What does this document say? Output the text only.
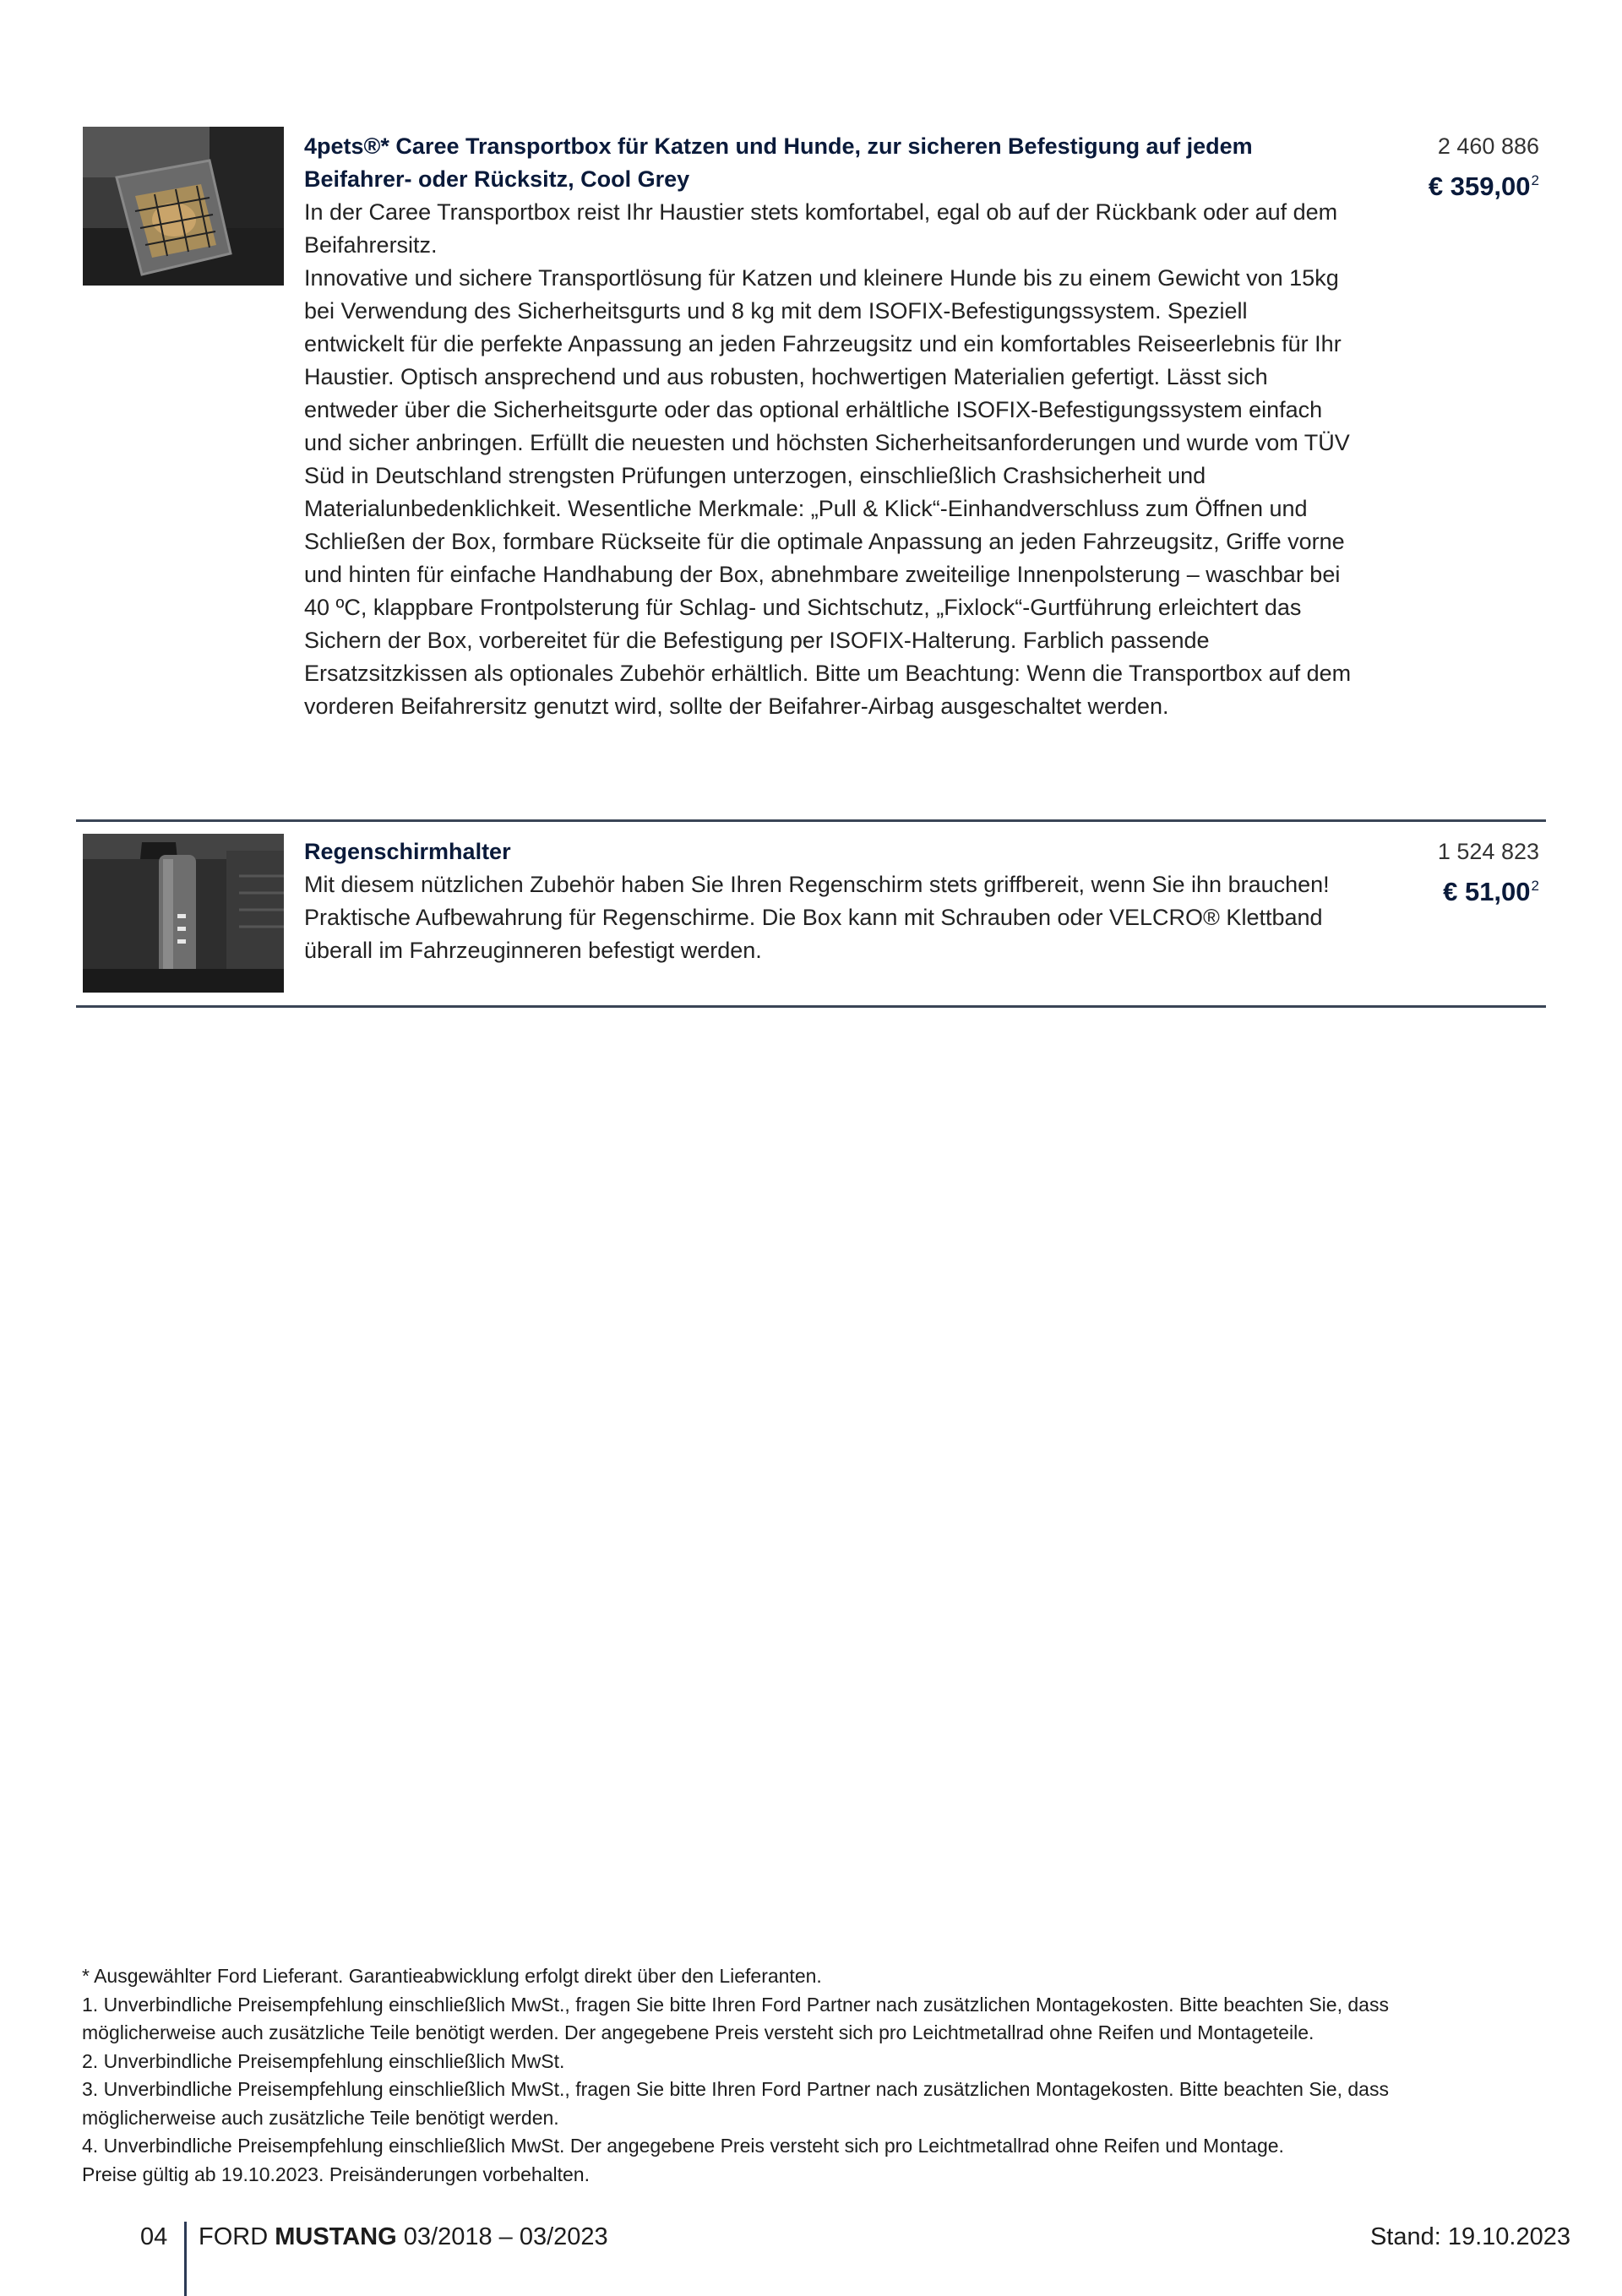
4pets®* Caree Transportbox für Katzen und Hunde, zur sicheren Befestigung auf jedem Beifahrer- oder Rücksitz, Cool Grey

In der Caree Transportbox reist Ihr Haustier stets komfortabel, egal ob auf der Rückbank oder auf dem Beifahrersitz.

Innovative und sichere Transportlösung für Katzen und kleinere Hunde bis zu einem Gewicht von 15kg bei Verwendung des Sicherheitsgurts und 8 kg mit dem ISOFIX-Befestigungssystem. Speziell entwickelt für die perfekte Anpassung an jeden Fahrzeugsitz und ein komfortables Reiseerlebnis für Ihr Haustier. Optisch ansprechend und aus robusten, hochwertigen Materialien gefertigt. Lässt sich entweder über die Sicherheitsgurte oder das optional erhältliche ISOFIX-Befestigungssystem einfach und sicher anbringen. Erfüllt die neuesten und höchsten Sicherheitsanforderungen und wurde vom TÜV Süd in Deutschland strengsten Prüfungen unterzogen, einschließlich Crashsicherheit und Materialunbedenklichkeit. Wesentliche Merkmale: „Pull & Klick“-Einhandverschluss zum Öffnen und Schließen der Box, formbare Rückseite für die optimale Anpassung an jeden Fahrzeugsitz, Griffe vorne und hinten für einfache Handhabung der Box, abnehmbare zweiteilige Innenpolsterung – waschbar bei 40 ºC, klappbare Frontpolsterung für Schlag- und Sichtschutz, „Fixlock“-Gurtführung erleichtert das Sichern der Box, vorbereitet für die Befestigung per ISOFIX-Halterung. Farblich passende Ersatzsitzkissen als optionales Zubehör erhältlich. Bitte um Beachtung: Wenn die Transportbox auf dem vorderen Beifahrersitz genutzt wird, sollte der Beifahrer-Airbag ausgeschaltet werden.

2 460 886
€ 359,00$^2$
Regenschirmhalter

Mit diesem nützlichen Zubehör haben Sie Ihren Regenschirm stets griffbereit, wenn Sie ihn brauchen!

Praktische Aufbewahrung für Regenschirme. Die Box kann mit Schrauben oder VELCRO® Klettband überall im Fahrzeuginneren befestigt werden.

1 524 823
€ 51,00$^2$

* Ausgewählter Ford Lieferant. Garantieabwicklung erfolgt direkt über den Lieferanten.

1. Unverbindliche Preisempfehlung einschließlich MwSt., fragen Sie bitte Ihren Ford Partner nach zusätzlichen Montagekosten. Bitte beachten Sie, dass möglicherweise auch zusätzliche Teile benötigt werden. Der angegebene Preis versteht sich pro Leichtmetallrad ohne Reifen und Montageteile.

2. Unverbindliche Preisempfehlung einschließlich MwSt.

3. Unverbindliche Preisempfehlung einschließlich MwSt., fragen Sie bitte Ihren Ford Partner nach zusätzlichen Montagekosten. Bitte beachten Sie, dass möglicherweise auch zusätzliche Teile benötigt werden.

4. Unverbindliche Preisempfehlung einschließlich MwSt. Der angegebene Preis versteht sich pro Leichtmetallrad ohne Reifen und Montage.

Preise gültig ab 19.10.2023. Preisänderungen vorbehalten.

04 FORD MUSTANG 03/2018 – 03/2023	Stand: 19.10.2023
